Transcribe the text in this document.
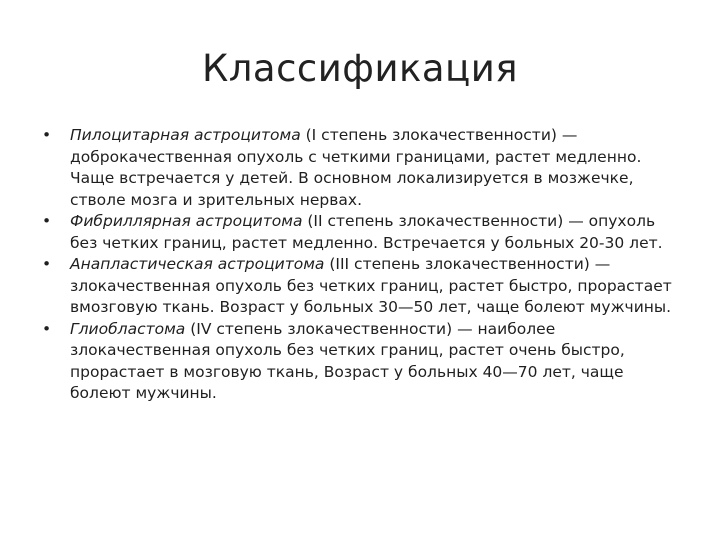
Классификация
•	Пилоцитарная астроцитома (I степень злокачественности) — доброкачественная опухоль с четкими границами, растет медленно. Чаще встречается у детей. В основном локализируется в мозжечке, стволе мозга и зрительных нервах.
•	Фибриллярная астроцитома (II степень злокачественности) — опухоль без четких границ, растет медленно. Встречается у больных 20-30 лет.
•	Анапластическая астроцитома (III степень злокачественности) —злокачественная опухоль без четких границ, растет быстро, прорастает вмозговую ткань. Возраст у больных 30—50 лет, чаще болеют мужчины.
•	Глиобластома (IV степень злокачественности) — наиболее злокачественная опухоль без четких границ, растет очень быстро, прорастает в мозговую ткань, Возраст у больных 40—70 лет, чаще болеют мужчины.
